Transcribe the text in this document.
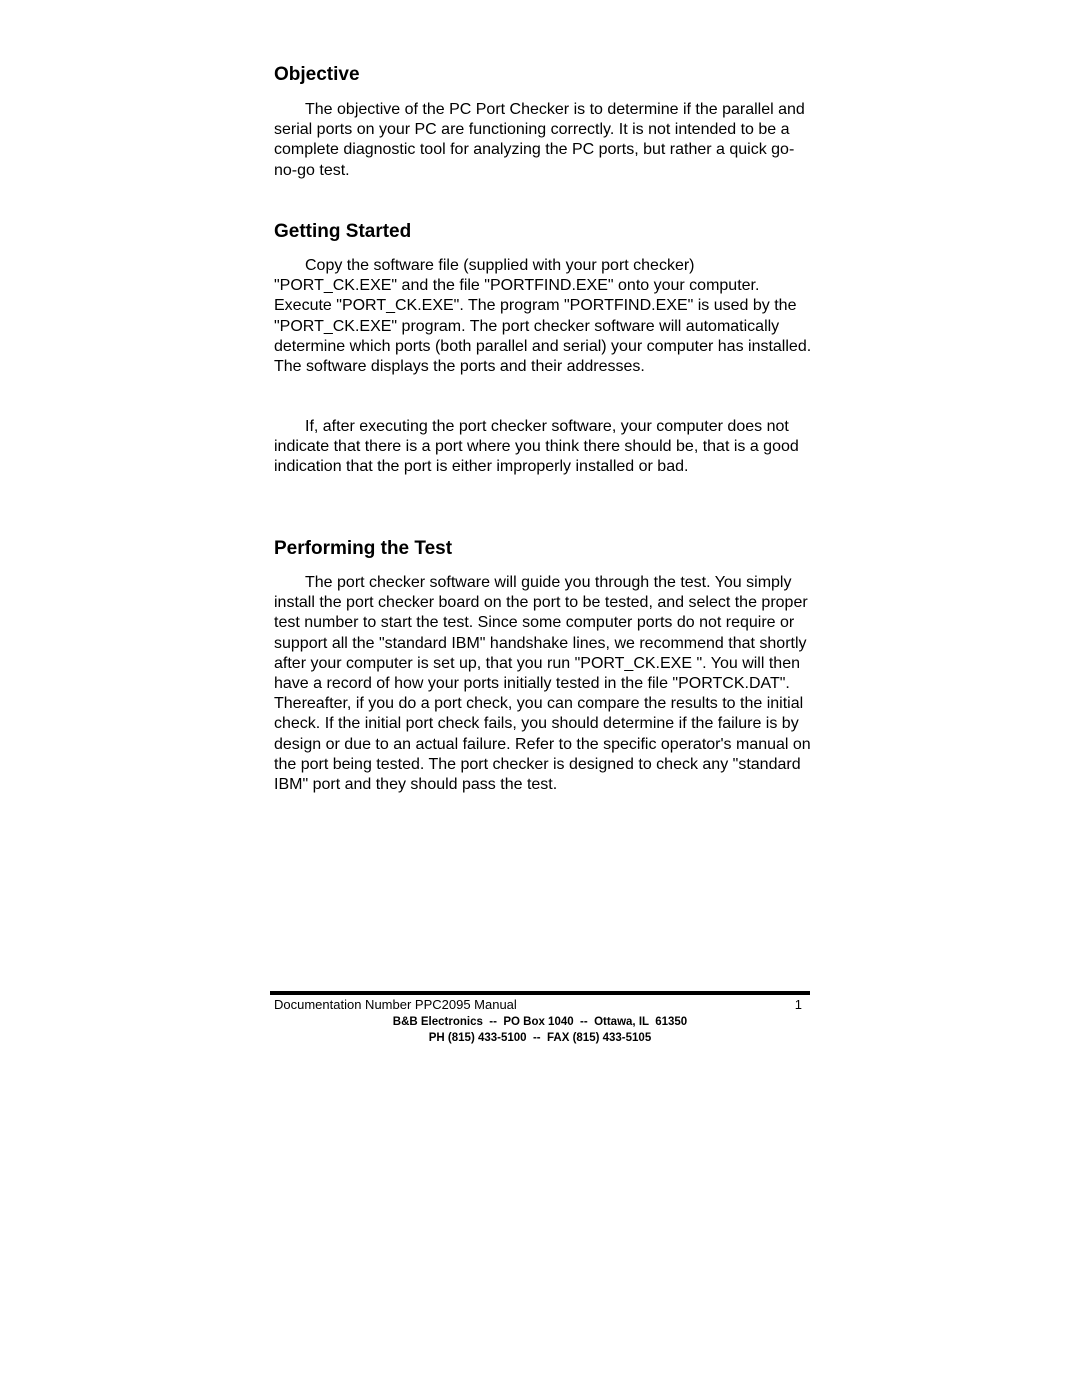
Objective

The objective of the PC Port Checker is to determine if the parallel and serial ports on your PC are functioning correctly. It is not intended to be a complete diagnostic tool for analyzing the PC ports, but rather a quick go-no-go test.

Getting Started

Copy the software file (supplied with your port checker) "PORT_CK.EXE" and the file "PORTFIND.EXE" onto your computer. Execute "PORT_CK.EXE". The program "PORTFIND.EXE" is used by the "PORT_CK.EXE" program. The port checker software will automatically determine which ports (both parallel and serial) your computer has installed. The software displays the ports and their addresses.

If, after executing the port checker software, your computer does not indicate that there is a port where you think there should be, that is a good indication that the port is either improperly installed or bad.

Performing the Test

The port checker software will guide you through the test. You simply install the port checker board on the port to be tested, and select the proper test number to start the test. Since some computer ports do not require or support all the "standard IBM" handshake lines, we recommend that shortly after your computer is set up, that you run "PORT_CK.EXE ". You will then have a record of how your ports initially tested in the file "PORTCK.DAT". Thereafter, if you do a port check, you can compare the results to the initial check. If the initial port check fails, you should determine if the failure is by design or due to an actual failure. Refer to the specific operator's manual on the port being tested. The port checker is designed to check any "standard IBM" port and they should pass the test.

Documentation Number PPC2095 Manual	1
B&B Electronics  --  PO Box 1040  --  Ottawa, IL  61350
PH (815) 433-5100  --  FAX (815) 433-5105
